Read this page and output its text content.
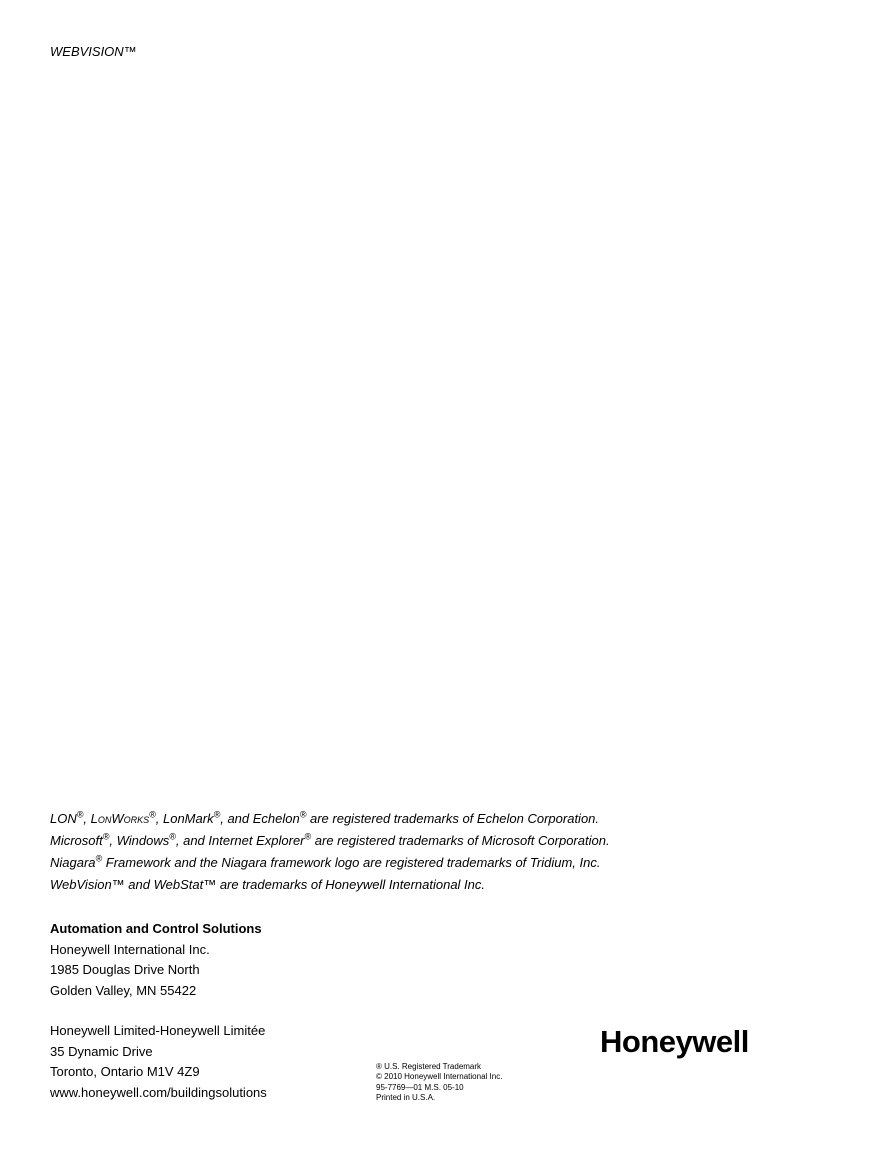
WEBVISION™
LON®, LonWorks®, LonMark®, and Echelon® are registered trademarks of Echelon Corporation.
Microsoft®, Windows®, and Internet Explorer® are registered trademarks of Microsoft Corporation.
Niagara® Framework and the Niagara framework logo are registered trademarks of Tridium, Inc.
WebVision™ and WebStat™ are trademarks of Honeywell International Inc.
Automation and Control Solutions
Honeywell International Inc.
1985 Douglas Drive North
Golden Valley, MN 55422
Honeywell Limited-Honeywell Limitée
35 Dynamic Drive
Toronto, Ontario M1V 4Z9
www.honeywell.com/buildingsolutions
® U.S. Registered Trademark
© 2010 Honeywell International Inc.
95-7769—01 M.S. 05-10
Printed in U.S.A.
Honeywell
